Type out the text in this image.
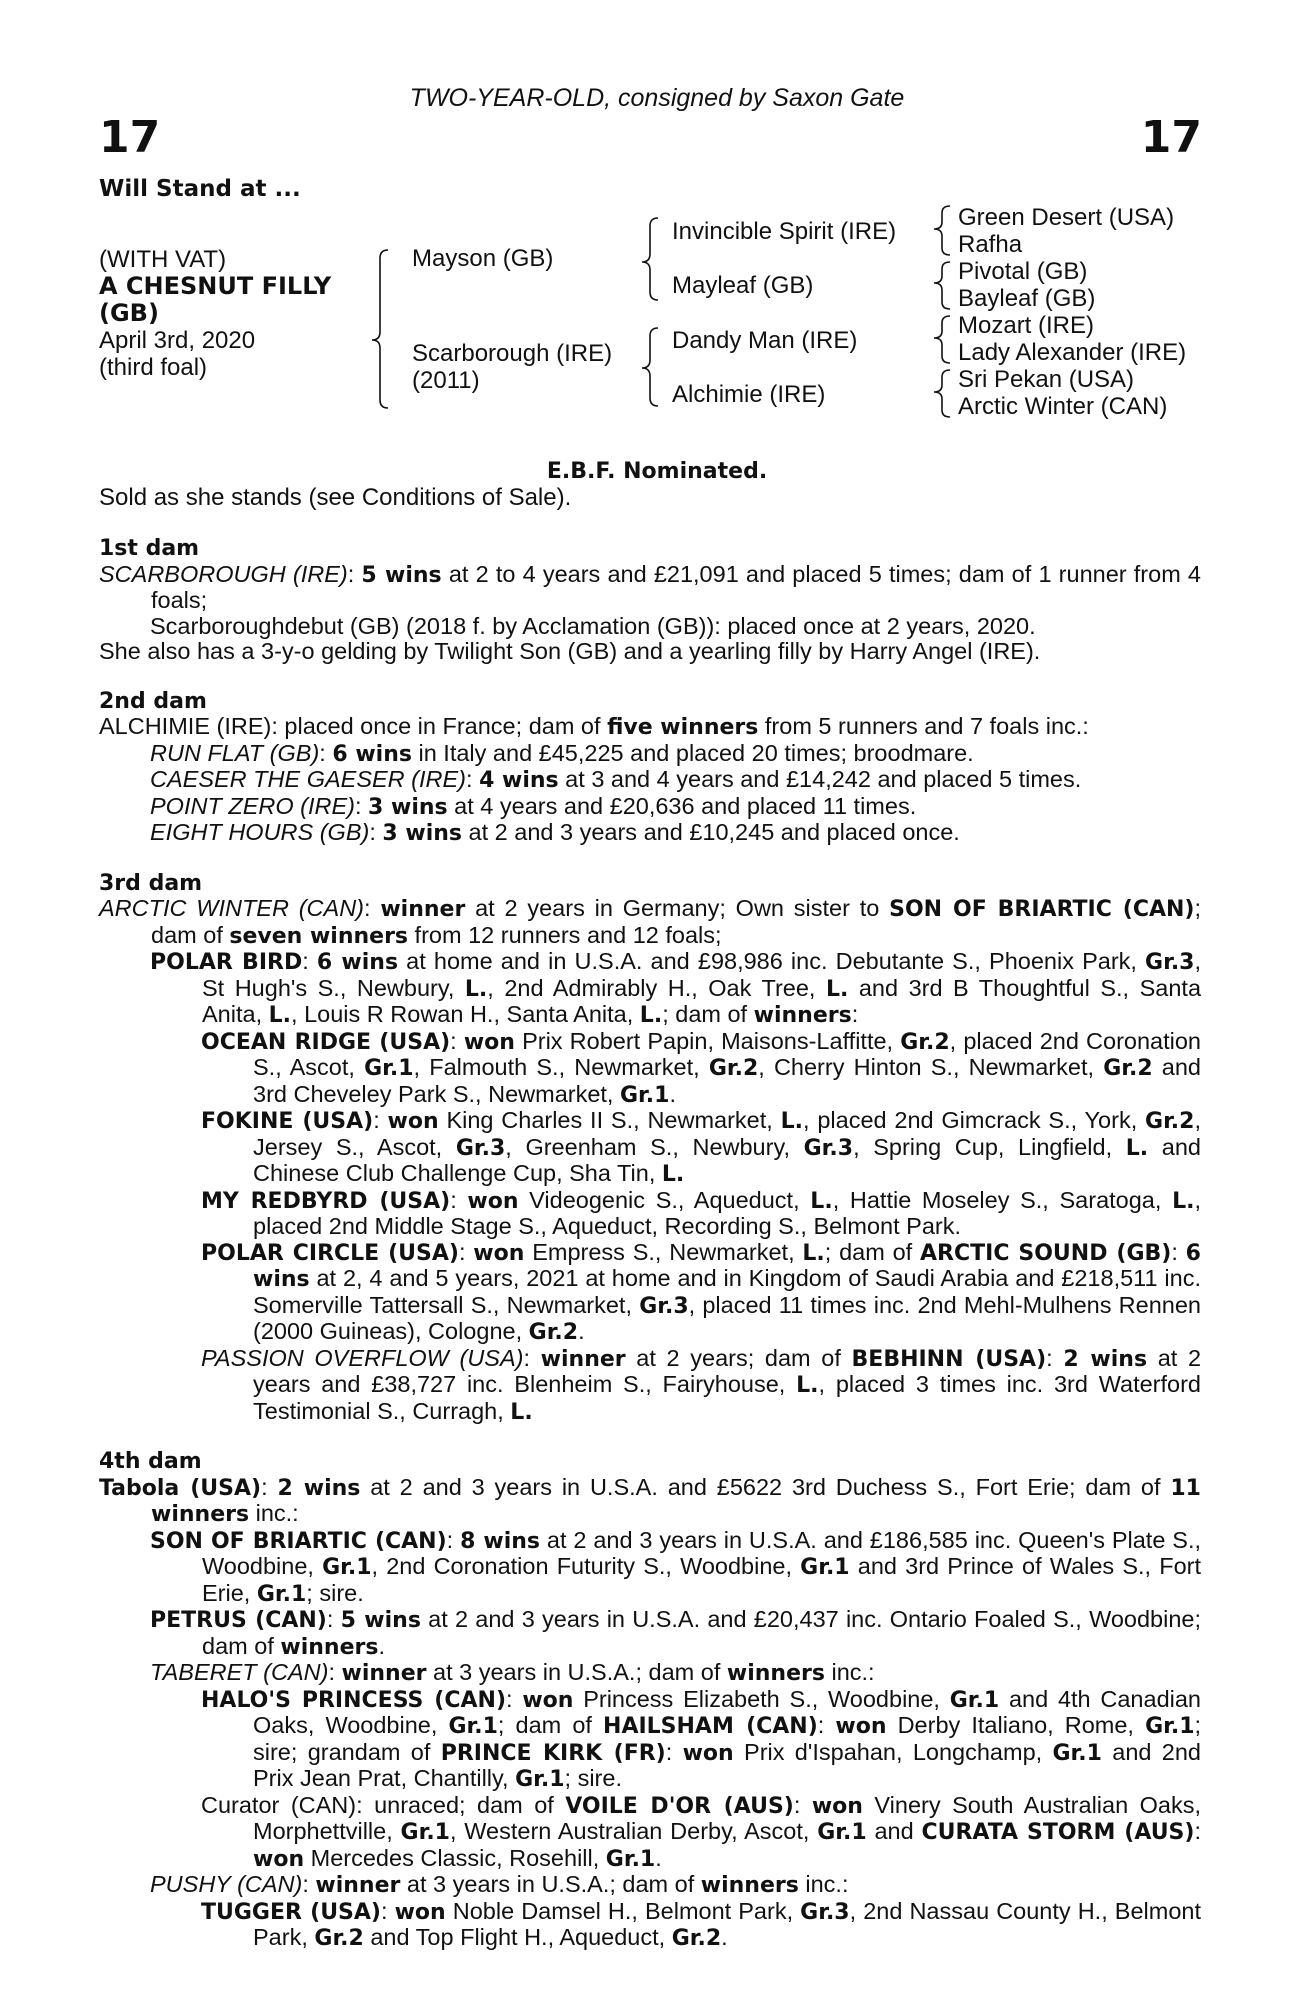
TWO-YEAR-OLD, consigned by Saxon Gate
17	17
Will Stand at ...
(WITH VAT)
A CHESNUT FILLY
(GB)
April 3rd, 2020
(third foal)
Mayson (GB)
Scarborough (IRE)
(2011)
Invincible Spirit (IRE)
Mayleaf (GB)
Dandy Man (IRE)
Alchimie (IRE)
Green Desert (USA)
Rafha
Pivotal (GB)
Bayleaf (GB)
Mozart (IRE)
Lady Alexander (IRE)
Sri Pekan (USA)
Arctic Winter (CAN)
E.B.F. Nominated.
Sold as she stands (see Conditions of Sale).

1st dam

SCARBOROUGH (IRE): 5 wins at 2 to 4 years and £21,091 and placed 5 times; dam of 1 runner from 4 foals;

Scarboroughdebut (GB) (2018 f. by Acclamation (GB)): placed once at 2 years, 2020.

She also has a 3-y-o gelding by Twilight Son (GB) and a yearling filly by Harry Angel (IRE).

2nd dam

ALCHIMIE (IRE): placed once in France; dam of five winners from 5 runners and 7 foals inc.:

RUN FLAT (GB): 6 wins in Italy and £45,225 and placed 20 times; broodmare.

CAESER THE GAESER (IRE): 4 wins at 3 and 4 years and £14,242 and placed 5 times.

POINT ZERO (IRE): 3 wins at 4 years and £20,636 and placed 11 times.

EIGHT HOURS (GB): 3 wins at 2 and 3 years and £10,245 and placed once.

3rd dam

ARCTIC WINTER (CAN): winner at 2 years in Germany; Own sister to SON OF BRIARTIC (CAN); dam of seven winners from 12 runners and 12 foals;

POLAR BIRD: 6 wins at home and in U.S.A. and £98,986 inc. Debutante S., Phoenix Park, Gr.3, St Hugh's S., Newbury, L., 2nd Admirably H., Oak Tree, L. and 3rd B Thoughtful S., Santa Anita, L., Louis R Rowan H., Santa Anita, L.; dam of winners:

OCEAN RIDGE (USA): won Prix Robert Papin, Maisons-Laffitte, Gr.2, placed 2nd Coronation S., Ascot, Gr.1, Falmouth S., Newmarket, Gr.2, Cherry Hinton S., Newmarket, Gr.2 and 3rd Cheveley Park S., Newmarket, Gr.1.

FOKINE (USA): won King Charles II S., Newmarket, L., placed 2nd Gimcrack S., York, Gr.2, Jersey S., Ascot, Gr.3, Greenham S., Newbury, Gr.3, Spring Cup, Lingfield, L. and Chinese Club Challenge Cup, Sha Tin, L.

MY REDBYRD (USA): won Videogenic S., Aqueduct, L., Hattie Moseley S., Saratoga, L., placed 2nd Middle Stage S., Aqueduct, Recording S., Belmont Park.

POLAR CIRCLE (USA): won Empress S., Newmarket, L.; dam of ARCTIC SOUND (GB): 6 wins at 2, 4 and 5 years, 2021 at home and in Kingdom of Saudi Arabia and £218,511 inc. Somerville Tattersall S., Newmarket, Gr.3, placed 11 times inc. 2nd Mehl-Mulhens Rennen (2000 Guineas), Cologne, Gr.2.

PASSION OVERFLOW (USA): winner at 2 years; dam of BEBHINN (USA): 2 wins at 2 years and £38,727 inc. Blenheim S., Fairyhouse, L., placed 3 times inc. 3rd Waterford Testimonial S., Curragh, L.

4th dam

Tabola (USA): 2 wins at 2 and 3 years in U.S.A. and £5622 3rd Duchess S., Fort Erie; dam of 11 winners inc.:

SON OF BRIARTIC (CAN): 8 wins at 2 and 3 years in U.S.A. and £186,585 inc. Queen's Plate S., Woodbine, Gr.1, 2nd Coronation Futurity S., Woodbine, Gr.1 and 3rd Prince of Wales S., Fort Erie, Gr.1; sire.

PETRUS (CAN): 5 wins at 2 and 3 years in U.S.A. and £20,437 inc. Ontario Foaled S., Woodbine; dam of winners.

TABERET (CAN): winner at 3 years in U.S.A.; dam of winners inc.:

HALO'S PRINCESS (CAN): won Princess Elizabeth S., Woodbine, Gr.1 and 4th Canadian Oaks, Woodbine, Gr.1; dam of HAILSHAM (CAN): won Derby Italiano, Rome, Gr.1; sire; grandam of PRINCE KIRK (FR): won Prix d'Ispahan, Longchamp, Gr.1 and 2nd Prix Jean Prat, Chantilly, Gr.1; sire.

Curator (CAN): unraced; dam of VOILE D'OR (AUS): won Vinery South Australian Oaks, Morphettville, Gr.1, Western Australian Derby, Ascot, Gr.1 and CURATA STORM (AUS): won Mercedes Classic, Rosehill, Gr.1.

PUSHY (CAN): winner at 3 years in U.S.A.; dam of winners inc.:

TUGGER (USA): won Noble Damsel H., Belmont Park, Gr.3, 2nd Nassau County H., Belmont Park, Gr.2 and Top Flight H., Aqueduct, Gr.2.
